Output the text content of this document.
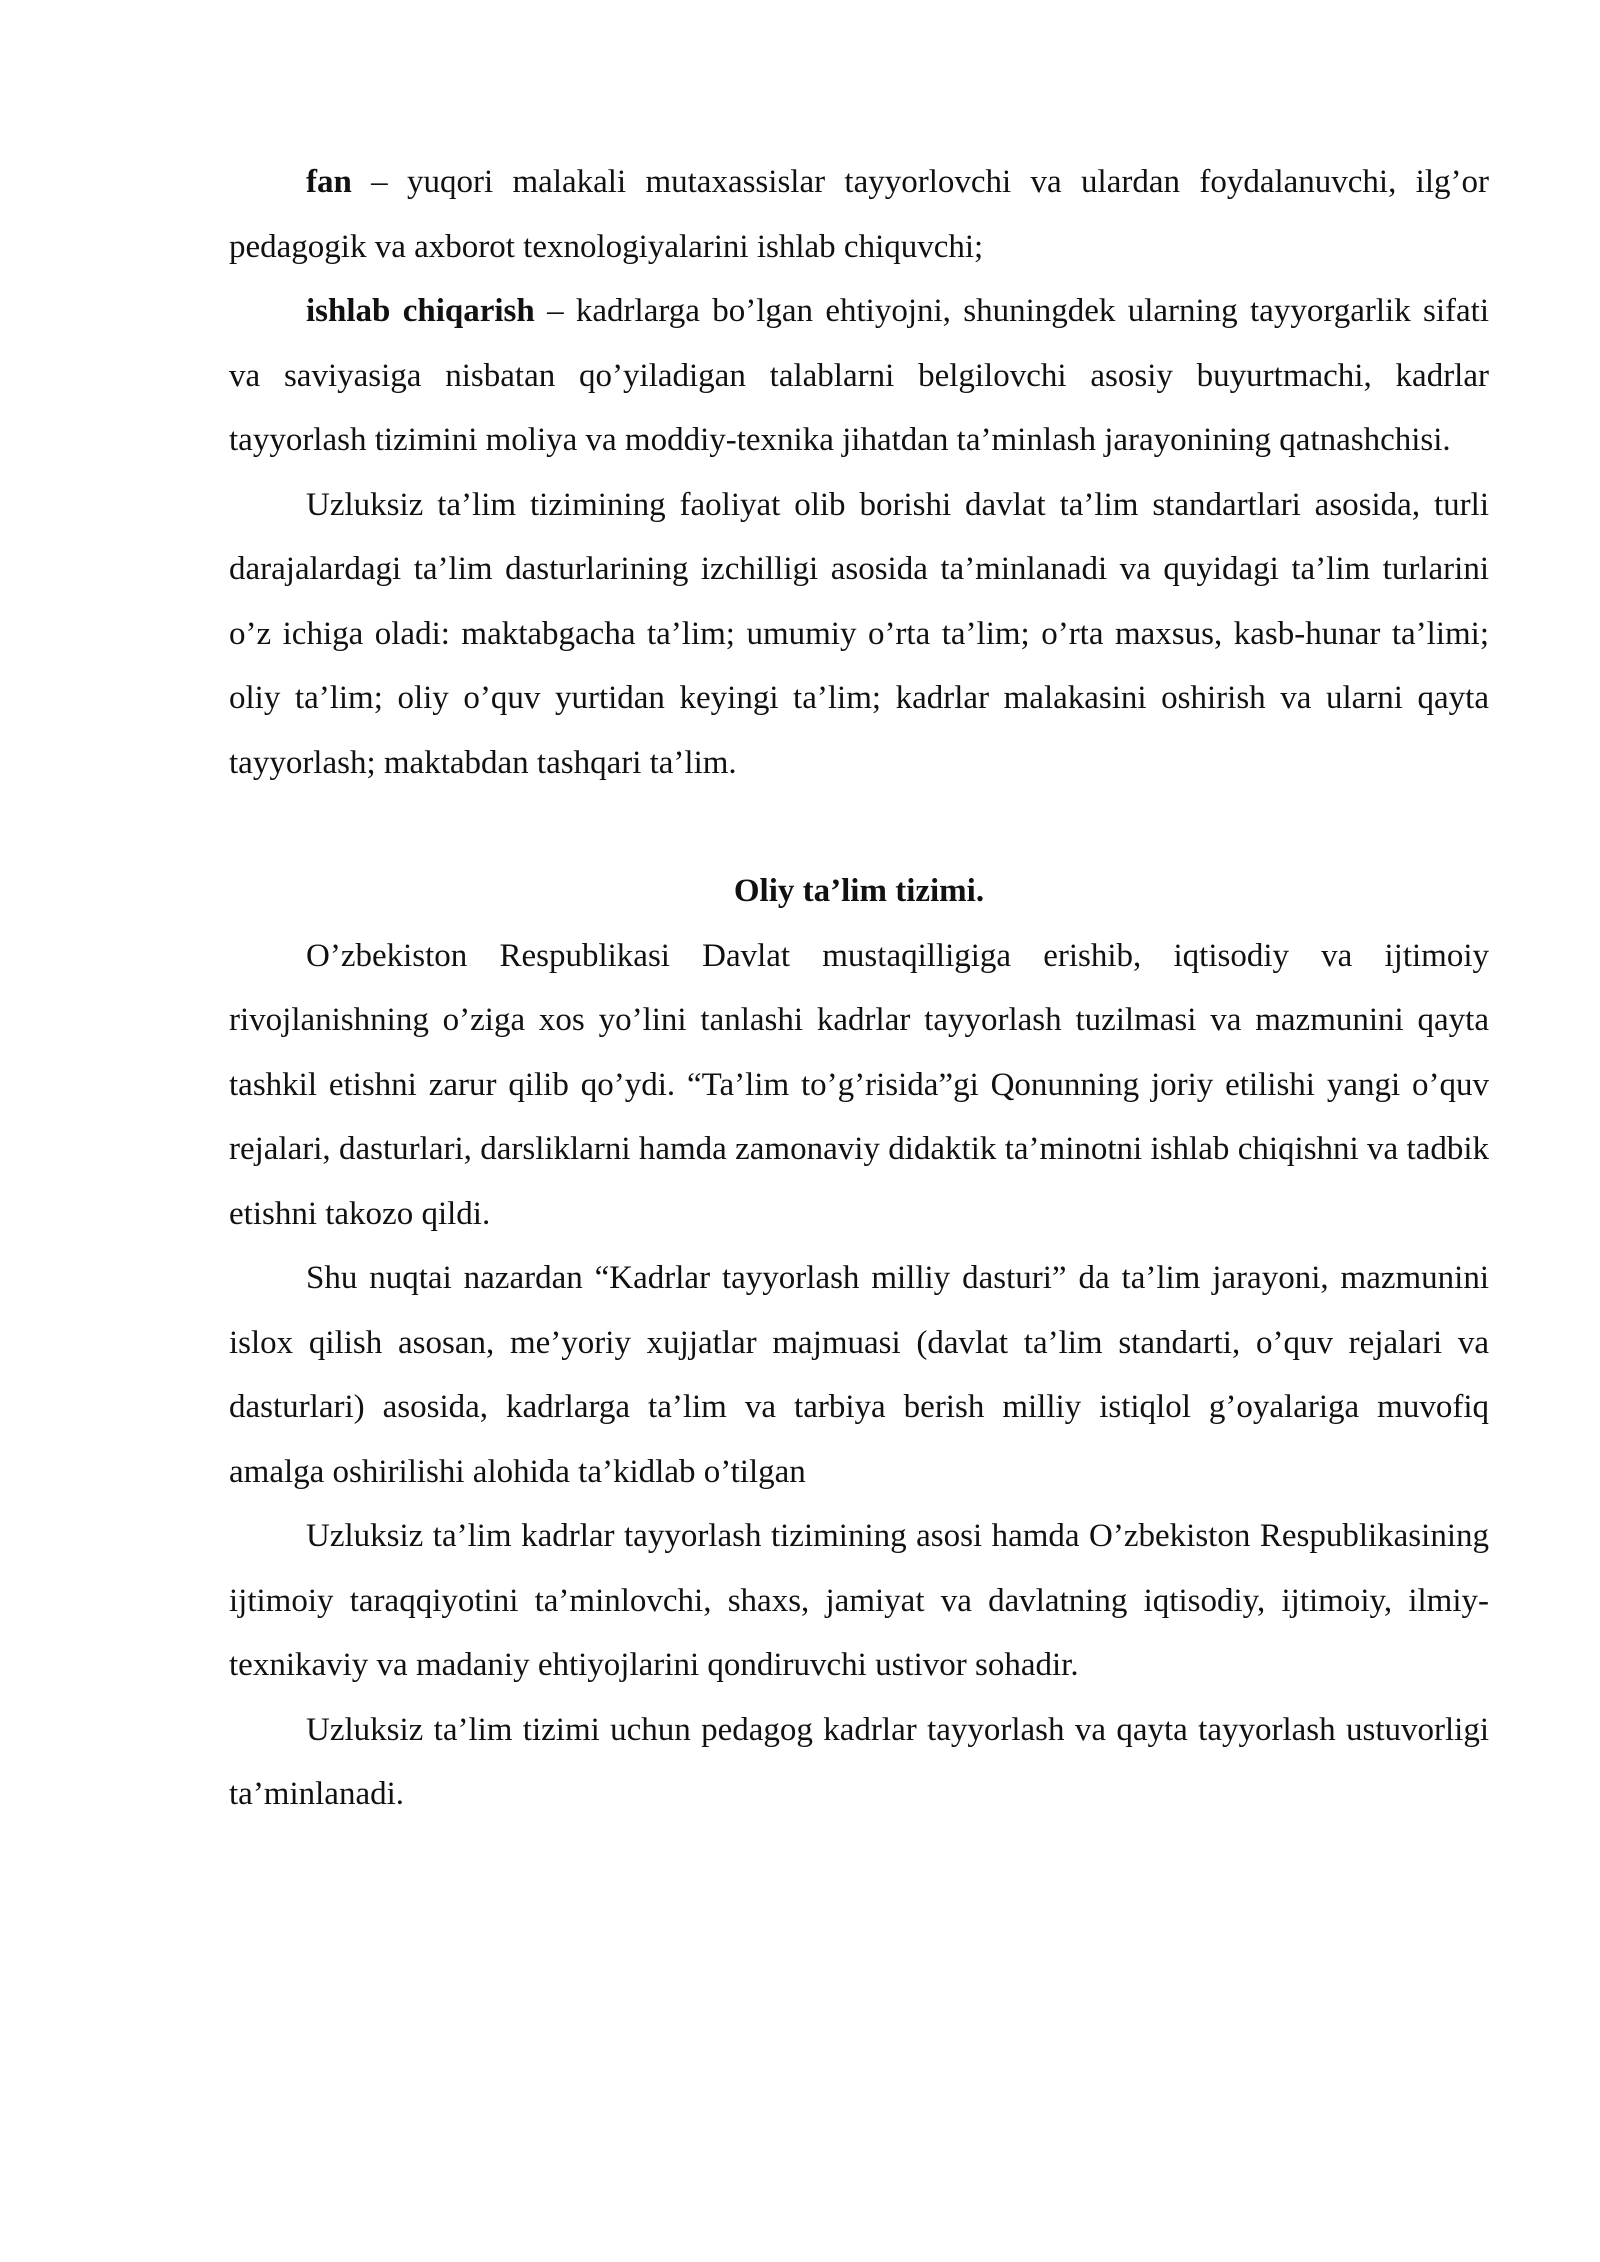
fan – yuqori malakali mutaxassislar tayyorlovchi va ulardan foydalanuvchi, ilg’or pedagogik va axborot texnologiyalarini ishlab chiquvchi;

ishlab chiqarish – kadrlarga bo’lgan ehtiyojni, shuningdek ularning tayyorgarlik sifati va saviyasiga nisbatan qo’yiladigan talablarni belgilovchi asosiy buyurtmachi, kadrlar tayyorlash tizimini moliya va moddiy-texnika jihatdan ta’minlash jarayonining qatnashchisi.

Uzluksiz ta’lim tizimining faoliyat olib borishi davlat ta’lim standartlari asosida, turli darajalardagi ta’lim dasturlarining izchilligi asosida ta’minlanadi va quyidagi ta’lim turlarini o’z ichiga oladi: maktabgacha ta’lim; umumiy o’rta ta’lim; o’rta maxsus, kasb-hunar ta’limi; oliy ta’lim; oliy o’quv yurtidan keyingi ta’lim; kadrlar malakasini oshirish va ularni qayta tayyorlash; maktabdan tashqari ta’lim.

Oliy ta’lim tizimi.

O’zbekiston Respublikasi Davlat mustaqilligiga erishib, iqtisodiy va ijtimoiy rivojlanishning o’ziga xos yo’lini tanlashi kadrlar tayyorlash tuzilmasi va mazmunini qayta tashkil etishni zarur qilib qo’ydi. “Ta’lim to’g’risida”gi Qonunning joriy etilishi yangi o’quv rejalari, dasturlari, darsliklarni hamda zamonaviy didaktik ta’minotni ishlab chiqishni va tadbik etishni takozo qildi.

Shu nuqtai nazardan “Kadrlar tayyorlash milliy dasturi” da ta’lim jarayoni, mazmunini islox qilish asosan, me’yoriy xujjatlar majmuasi (davlat ta’lim standarti, o’quv rejalari va dasturlari) asosida, kadrlarga ta’lim va tarbiya berish milliy istiqlol g’oyalariga muvofiq amalga oshirilishi alohida ta’kidlab o’tilgan

Uzluksiz ta’lim kadrlar tayyorlash tizimining asosi hamda O’zbekiston Respublikasining ijtimoiy taraqqiyotini ta’minlovchi, shaxs, jamiyat va davlatning iqtisodiy, ijtimoiy, ilmiy-texnikaviy va madaniy ehtiyojlarini qondiruvchi ustivor sohadir.

Uzluksiz ta’lim tizimi uchun pedagog kadrlar tayyorlash va qayta tayyorlash ustuvorligi ta’minlanadi.
